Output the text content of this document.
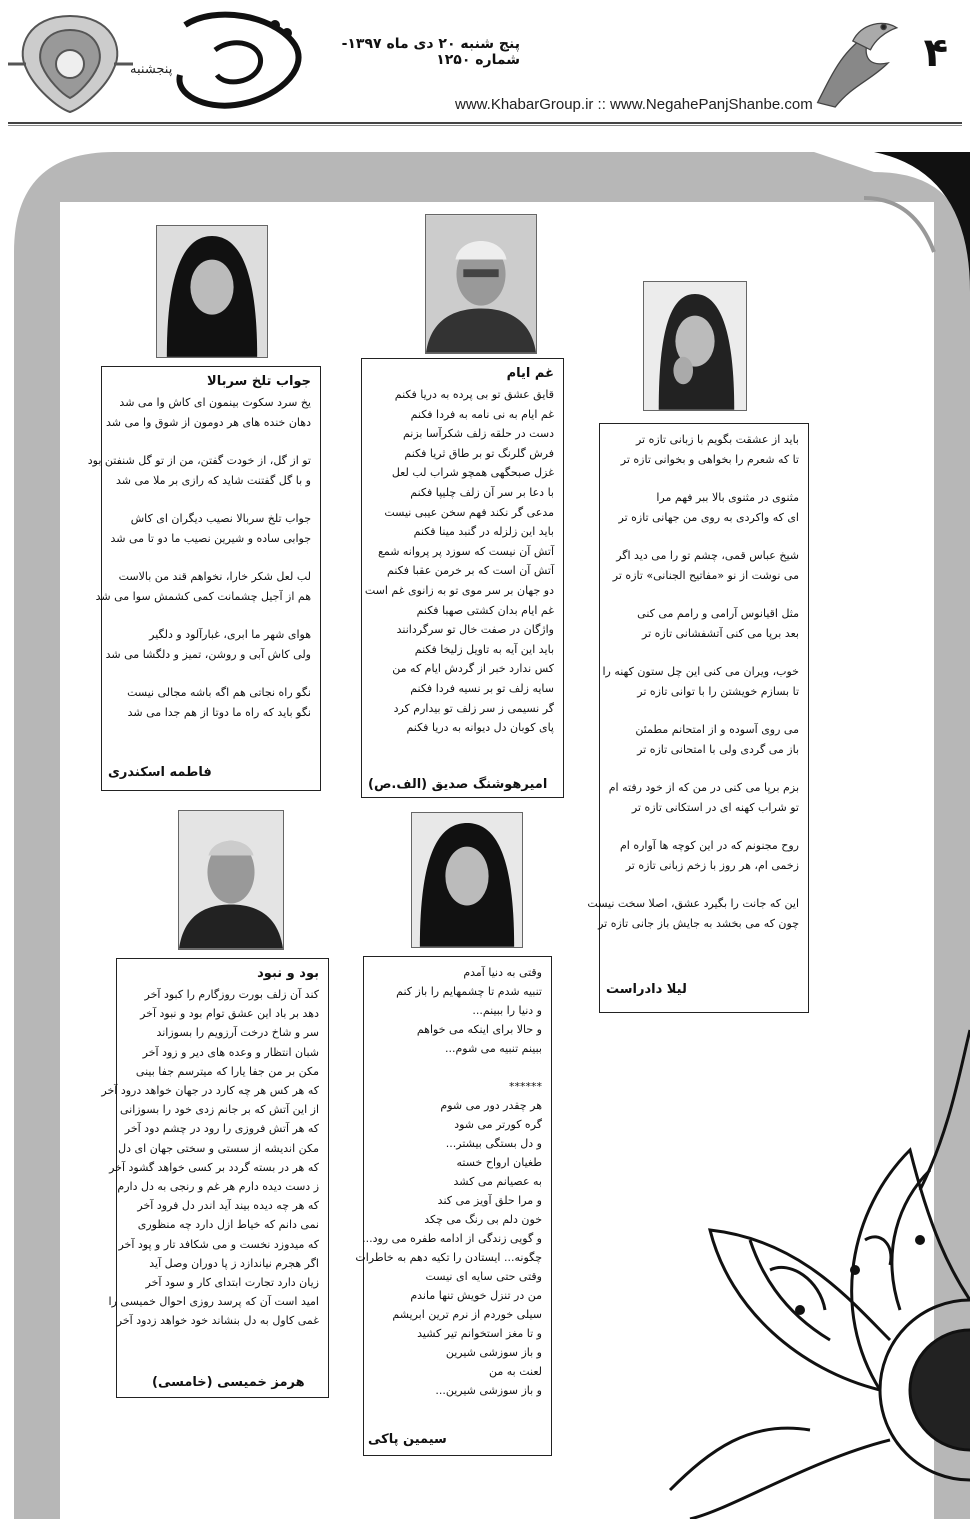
پنجشنبه
پنج شنبه ۲۰ دی ماه ۱۳۹۷- شماره ۱۲۵۰
www.KhabarGroup.ir :: www.NegahePanjShanbe.com
۴
جواب تلخ سربالا
یخ سرد سکوت بینمون ای کاش وا می شد
دهان خنده های هر دومون از شوق وا می شد
تو از گل، از خودت گفتن، من از تو گل شنفتن بود
و با گل گفتنت شاید که رازی بر ملا می شد
جواب تلخ سربالا نصیب دیگران ای کاش
جوابی ساده و شیرین نصیب ما دو تا می شد
لب لعل شکر خارا، نخواهم قند من بالاست
هم از آجیل چشمانت کمی کشمش سوا می شد
هوای شهر ما ابری، غبارآلود و دلگیر
ولی کاش آبی و روشن، تمیز و دلگشا می شد
نگو راه نجاتی هم اگه باشه مجالی نیست
نگو باید که راه ما دوتا از هم جدا می شد
فاطمه اسکندری
غم ایام
قایق عشق تو بی پرده به دریا فکنم
غم ایام به نی نامه به فردا فکنم
دست در حلقه زلف شکرآسا بزنم
فرش گلرنگ تو بر طاق ثریا فکنم
غزل صبحگهی همچو شراب لب لعل
با دعا بر سر آن زلف چلیپا فکنم
مدعی گر نکند فهم سخن عیبی نیست
باید این زلزله در گنبد مینا فکنم
آتش آن نیست که سوزد پر پروانه شمع
آتش آن است که بر خرمن عقبا فکنم
دو جهان بر سر موی تو به زانوی غم است
غم ایام بدان کشتی صهبا فکنم
واژگان در صفت خال تو سرگردانند
باید این آیه به تاویل زلیخا فکنم
کس ندارد خبر از گردش ایام که من
سایه زلف تو بر نسیه فردا فکنم
گر نسیمی ز سر زلف تو بیدارم کرد
پای کوبان دل دیوانه به دریا فکنم
امیرهوشنگ صدیق (الف.ص)
باید از عشقت بگویم با زبانی تازه تر
تا که شعرم را بخواهی و بخوانی تازه تر
مثنوی در مثنوی بالا ببر فهم مرا
ای که واکردی به روی من جهانی تازه تر
شیخ عباس قمی، چشم تو را می دید اگر
می نوشت از نو «مفاتیح الجنانی» تازه تر
مثل اقیانوس آرامی و رامم می کنی
بعد برپا می کنی آتشفشانی تازه تر
خوب، ویران می کنی این چل ستون کهنه را
تا بسازم خویشتن را با توانی تازه تر
می روی آسوده و از امتحانم مطمئن
باز می گردی ولی با امتحانی تازه تر
بزم برپا می کنی در من که از خود رفته ام
تو شراب کهنه ای در استکانی تازه تر
روح مجنونم که در این کوچه ها آواره ام
زخمی ام، هر روز با زخم زبانی تازه تر
این که جانت را بگیرد عشق، اصلا سخت نیست
چون که می بخشد به جایش باز جانی تازه تر
لیلا دادراست
بود و نبود
کند آن زلف بورت روزگارم را کبود آخر
دهد بر باد این عشق توام بود و نبود آخر
سر و شاخ درخت آرزویم را بسوزاند
شبان انتظار و وعده های دیر و زود آخر
مکن بر من جفا یارا که میترسم جفا بینی
که هر کس هر چه کارد در جهان خواهد درود آخر
از این آتش که بر جانم زدی خود را بسوزانی
که هر آتش فروزی را رود در چشم دود آخر
مکن اندیشه از سستی و سختی جهان ای دل
که هر در بسته گردد بر کسی خواهد گشود آخر
ز دست دیده دارم هر غم و رنجی به دل دارم
که هر چه دیده بیند آید اندر دل فرود آخر
نمی دانم که خیاط ازل دارد چه منظوری
که میدوزد نخست و می شکافد تار و پود آخر
اگر هجرم نیاندازد ز پا دوران وصل آید
زیان دارد تجارت ابتدای کار و سود آخر
امید است آن که پرسد روزی احوال خمیسی را
غمی کاول به دل بنشاند خود خواهد زدود آخر
هرمز خمیسی (خامسی)
وقتی به دنیا آمدم
تنبیه شدم تا چشمهایم را باز کنم
و دنیا را ببینم...
و حالا برای اینکه می خواهم
ببینم تنبیه می شوم...
******
هر چقدر دور می شوم
گره کورتر می شود
و دل بستگی بیشتر...
طغیان ارواح خسته
به عصیانم می کشد
و مرا حلق آویز می کند
خون دلم بی رنگ می چکد
و گویی زندگی از ادامه طفره می رود...
چگونه... ایستادن را تکیه دهم به خاطرات
وقتی حتی سایه ای نیست
من در تنزل خویش تنها ماندم
سیلی خوردم از نرم ترین ابریشم
و تا مغز استخوانم تیر کشید
و باز سوزشی شیرین
لعنت به من
و باز سوزشی شیرین...
سیمین پاکی
